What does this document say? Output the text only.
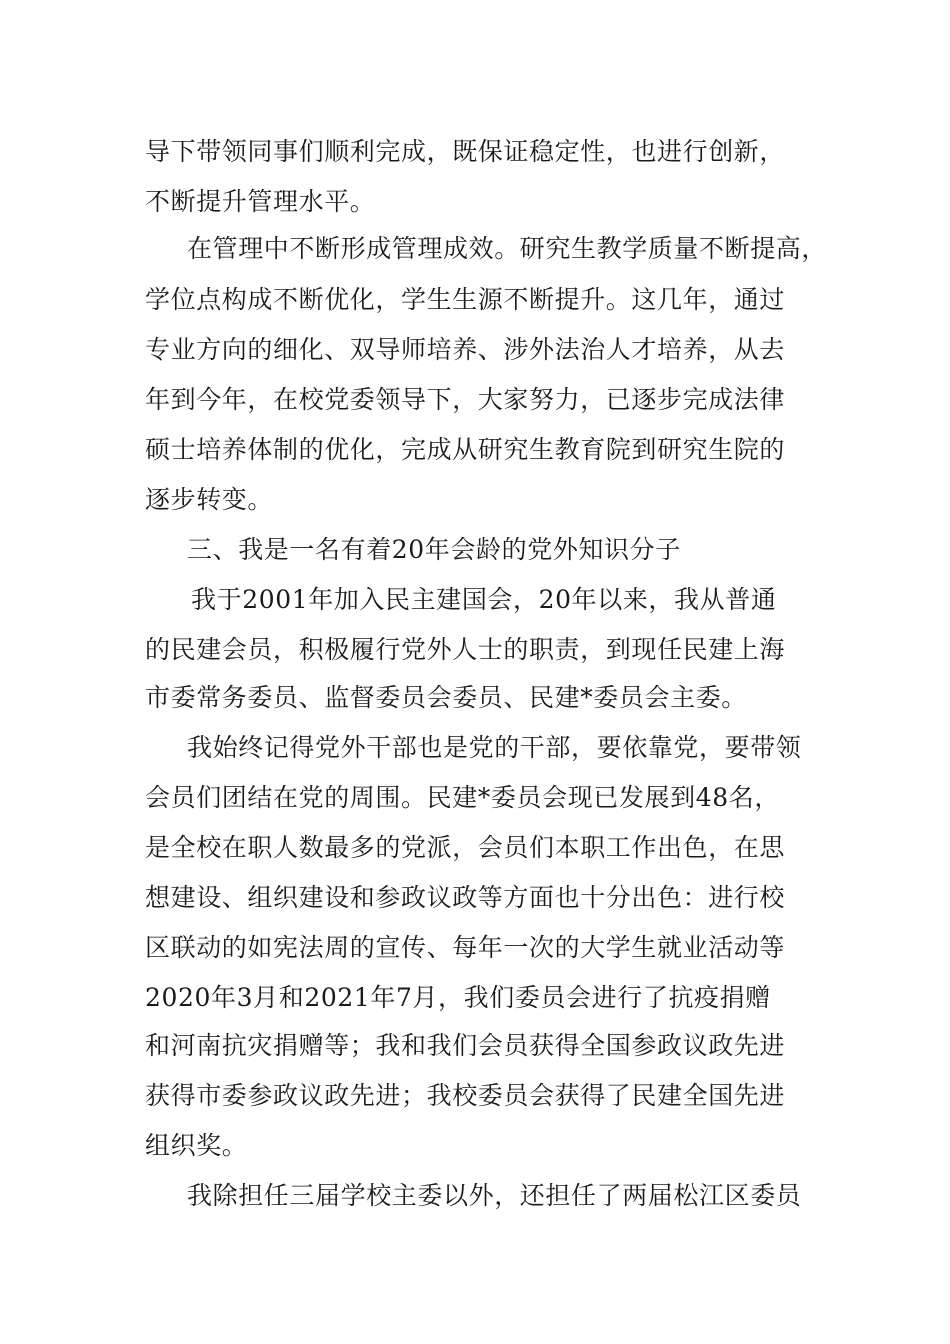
导下带领同事们顺利完成，既保证稳定性，也进行创新，
不断提升管理水平。
在管理中不断形成管理成效。研究生教学质量不断提高，
学位点构成不断优化，学生生源不断提升。这几年，通过
专业方向的细化、双导师培养、涉外法治人才培养，从去
年到今年，在校党委领导下，大家努力，已逐步完成法律
硕士培养体制的优化，完成从研究生教育院到研究生院的
逐步转变。
三、我是一名有着20年会龄的党外知识分子
我于2001年加入民主建国会，20年以来，我从普通
的民建会员，积极履行党外人士的职责，到现任民建上海
市委常务委员、监督委员会委员、民建*委员会主委。
我始终记得党外干部也是党的干部，要依靠党，要带领
会员们团结在党的周围。民建*委员会现已发展到48名，
是全校在职人数最多的党派，会员们本职工作出色，在思
想建设、组织建设和参政议政等方面也十分出色：进行校
区联动的如宪法周的宣传、每年一次的大学生就业活动等
2020年3月和2021年7月，我们委员会进行了抗疫捐赠
和河南抗灾捐赠等；我和我们会员获得全国参政议政先进
获得市委参政议政先进；我校委员会获得了民建全国先进
组织奖。
我除担任三届学校主委以外，还担任了两届松江区委员
